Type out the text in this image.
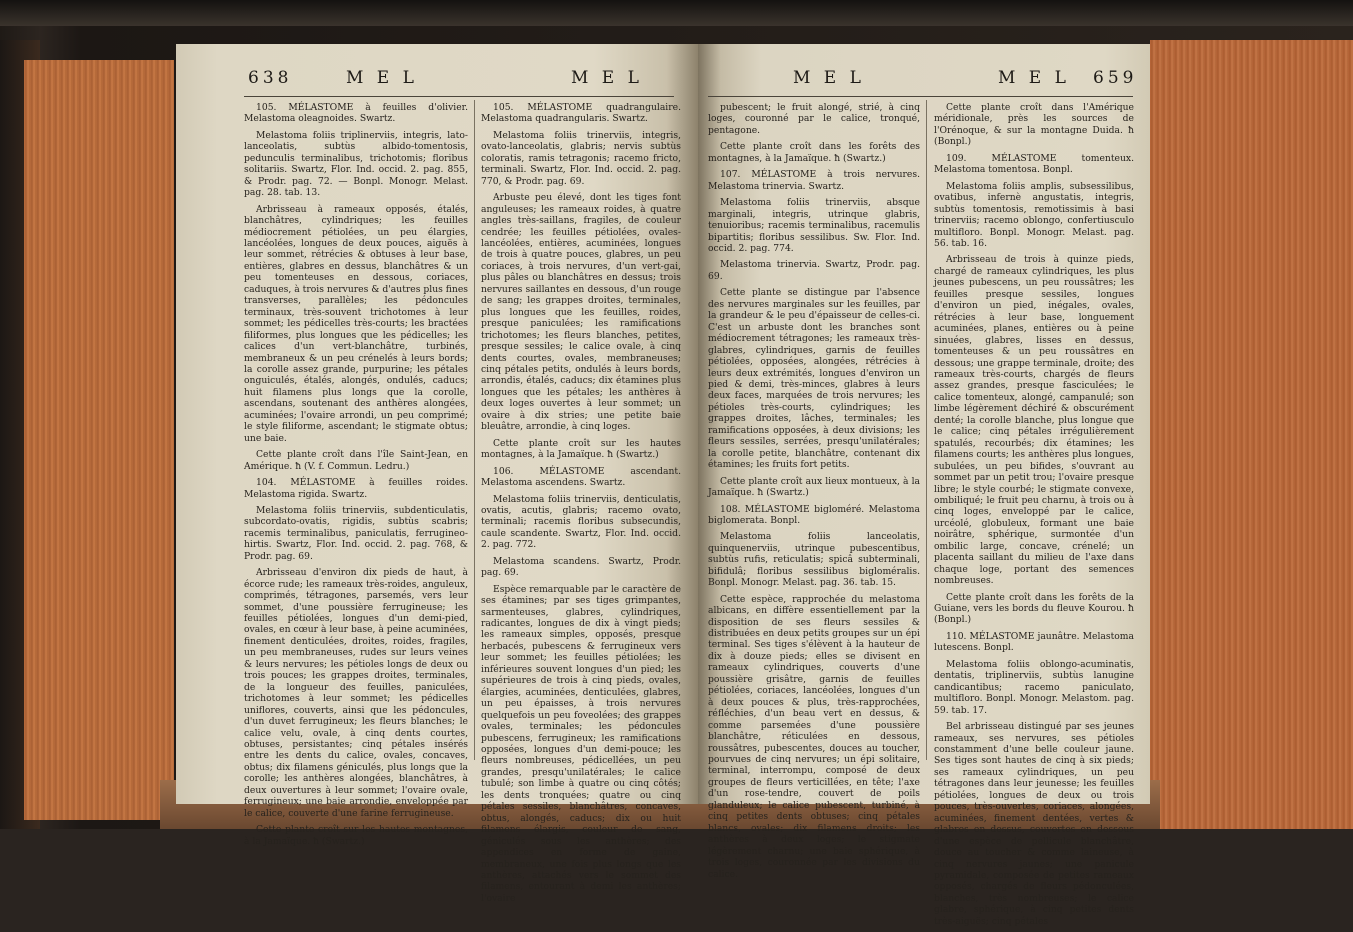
638	M E L	M E L

105. MÉLASTOME à feuilles d'olivier. Melastoma oleagnoides. Swartz.

Melastoma foliis triplinerviis, integris, lato-lanceolatis, subtùs albido-tomentosis, pedunculis terminalibus, trichotomis; floribus solitariis. Swartz, Flor. Ind. occid. 2. pag. 855, & Prodr. pag. 72. — Bonpl. Monogr. Melast. pag. 28. tab. 13.

Arbrisseau à rameaux opposés, étalés, blanchâtres, cylindriques; les feuilles médiocrement pétiolées, un peu élargies, lancéolées, longues de deux pouces, aiguës à leur sommet, rétrécies & obtuses à leur base, entières, glabres en dessus, blanchâtres & un peu tomenteuses en dessous, coriaces, caduques, à trois nervures & d'autres plus fines transverses, parallèles; les pédoncules terminaux, très-souvent trichotomes à leur sommet; les pédicelles très-courts; les bractées filiformes, plus longues que les pédicelles; les calices d'un vert-blanchâtre, turbinés, membraneux & un peu crénelés à leurs bords; la corolle assez grande, purpurine; les pétales onguiculés, étalés, alongés, ondulés, caducs; huit filamens plus longs que la corolle, ascendans, soutenant des anthères alongées, acuminées; l'ovaire arrondi, un peu comprimé; le style filiforme, ascendant; le stigmate obtus; une baie.

Cette plante croît dans l'île Saint-Jean, en Amérique. ħ (V. f. Commun. Ledru.)

104. MÉLASTOME à feuilles roides. Melastoma rigida. Swartz.

Melastoma foliis trinerviis, subdenticulatis, subcordato-ovatis, rigidis, subtùs scabris; racemis terminalibus, paniculatis, ferrugineo-hirtis. Swartz, Flor. Ind. occid. 2. pag. 768, & Prodr. pag. 69.

Arbrisseau d'environ dix pieds de haut, à écorce rude; les rameaux très-roides, anguleux, comprimés, tétragones, parsemés, vers leur sommet, d'une poussière ferrugineuse; les feuilles pétiolées, longues d'un demi-pied, ovales, en cœur à leur base, à peine acuminées, finement denticulées, droites, roides, fragiles, un peu membraneuses, rudes sur leurs veines & leurs nervures; les pétioles longs de deux ou trois pouces; les grappes droites, terminales, de la longueur des feuilles, paniculées, trichotomes à leur sommet; les pédicelles uniflores, couverts, ainsi que les pédoncules, d'un duvet ferrugineux; les fleurs blanches; le calice velu, ovale, à cinq dents courtes, obtuses, persistantes; cinq pétales insérés entre les dents du calice, ovales, concaves, obtus; dix filamens géniculés, plus longs que la corolle; les anthères alongées, blanchâtres, à deux ouvertures à leur sommet; l'ovaire ovale, ferrugineux; une baie arrondie, enveloppée par le calice, couverte d'une farine ferrugineuse.

Cette plante croît sur les hautes montagnes, à la Jamaïque. ħ (Swartz.)

105. MÉLASTOME quadrangulaire. Melastoma quadrangularis. Swartz.

Melastoma foliis trinerviis, integris, ovato-lanceolatis, glabris; nervis subtùs coloratis, ramis tetragonis; racemo fricto, terminali. Swartz, Flor. Ind. occid. 2. pag. 770, & Prodr. pag. 69.

Arbuste peu élevé, dont les tiges font anguleuses; les rameaux roides, à quatre angles très-saillans, fragiles, de couleur cendrée; les feuilles pétiolées, ovales-lancéolées, entières, acuminées, longues de trois à quatre pouces, glabres, un peu coriaces, à trois nervures, d'un vert-gai, plus pâles ou blanchâtres en dessus; trois nervures saillantes en dessous, d'un rouge de sang; les grappes droites, terminales, plus longues que les feuilles, roides, presque paniculées; les ramifications trichotomes; les fleurs blanches, petites, presque sessiles; le calice ovale, à cinq dents courtes, ovales, membraneuses; cinq pétales petits, ondulés à leurs bords, arrondis, étalés, caducs; dix étamines plus longues que les pétales; les anthères à deux loges ouvertes à leur sommet; un ovaire à dix stries; une petite baie bleuâtre, arrondie, à cinq loges.

Cette plante croît sur les hautes montagnes, à la Jamaïque. ħ (Swartz.)

106. MÉLASTOME ascendant. Melastoma ascendens. Swartz.

Melastoma foliis trinerviis, denticulatis, ovatis, acutis, glabris; racemo ovato, terminali; racemis floribus subsecundis, caule scandente. Swartz, Flor. Ind. occid. 2. pag. 772.

Melastoma scandens. Swartz, Prodr. pag. 69.

Espèce remarquable par le caractère de ses étamines; par ses tiges grimpantes, sarmenteuses, glabres, cylindriques, radicantes, longues de dix à vingt pieds; les rameaux simples, opposés, presque herbacés, pubescens & ferrugineux vers leur sommet; les feuilles pétiolées; les inférieures souvent longues d'un pied; les supérieures de trois à cinq pieds, ovales, élargies, acuminées, denticulées, glabres, un peu épaisses, à trois nervures quelquefois un peu foveolées; des grappes ovales, terminales; les pédoncules pubescens, ferrugineux; les ramifications opposées, longues d'un demi-pouce; les fleurs nombreuses, pédicellées, un peu grandes, presqu'unilatérales; le calice tubulé; son limbe à quatre ou cinq côtés; les dents tronquées; quatre ou cinq pétales sessiles, blanchâtres, concaves, obtus, alongés, caducs; dix ou huit filamens élargis, couleur de sang, géniculés sous les anthères; des appendices en forme de gaine, membraneux, une fois plus longs que les anthères, attachés vers le sommet des filamens, entourant à demi les anthères; l'ovaire

M E L	M E L 659

pubescent; le fruit alongé, strié, à cinq loges, couronné par le calice, tronqué, pentagone.

Cette plante croît dans les forêts des montagnes, à la Jamaïque. ħ (Swartz.)

107. MÉLASTOME à trois nervures. Melastoma trinervia. Swartz.

Melastoma foliis trinerviis, absque marginali, integris, utrinque glabris, tenuioribus; racemis terminalibus, racemulis bipartitis; floribus sessilibus. Sw. Flor. Ind. occid. 2. pag. 774.

Melastoma trinervia. Swartz, Prodr. pag. 69.

Cette plante se distingue par l'absence des nervures marginales sur les feuilles, par la grandeur & le peu d'épaisseur de celles-ci. C'est un arbuste dont les branches sont médiocrement tétragones; les rameaux très-glabres, cylindriques, garnis de feuilles pétiolées, opposées, alongées, rétrécies à leurs deux extrémités, longues d'environ un pied & demi, très-minces, glabres à leurs deux faces, marquées de trois nervures; les pétioles très-courts, cylindriques; les grappes droites, lâches, terminales; les ramifications opposées, à deux divisions; les fleurs sessiles, serrées, presqu'unilatérales; la corolle petite, blanchâtre, contenant dix étamines; les fruits fort petits.

Cette plante croît aux lieux montueux, à la Jamaïque. ħ (Swartz.)

108. MÉLASTOME bigloméré. Melastoma biglomerata. Bonpl.

Melastoma foliis lanceolatis, quinquenerviis, utrinque pubescentibus, subtùs rufis, reticulatis; spicâ subterminali, bifidulâ; floribus sessilibus bigloméralis. Bonpl. Monogr. Melast. pag. 36. tab. 15.

Cette espèce, rapprochée du melastoma albicans, en diffère essentiellement par la disposition de ses fleurs sessiles & distribuées en deux petits groupes sur un épi terminal. Ses tiges s'élèvent à la hauteur de dix à douze pieds; elles se divisent en rameaux cylindriques, couverts d'une poussière grisâtre, garnis de feuilles pétiolées, coriaces, lancéolées, longues d'un à deux pouces & plus, très-rapprochées, réfléchies, d'un beau vert en dessus, & comme parsemées d'une poussière blanchâtre, réticulées en dessous, roussâtres, pubescentes, douces au toucher, pourvues de cinq nervures; un épi solitaire, terminal, interrompu, composé de deux groupes de fleurs verticillées, en tête; l'axe d'un rose-tendre, couvert de poils glanduleux; le calice pubescent, turbiné, à cinq petites dents obtuses; cinq pétales blancs, ovales; dix filamens droits; les anthères à deux loges; le stigmate légèrement charnu; une baie sphérique, à trois loges, couronnée par les divisions du calice.

Cette plante croît dans l'Amérique méridionale, près les sources de l'Orénoque, & sur la montagne Duida. ħ (Bonpl.)

109. MÉLASTOME tomenteux. Melastoma tomentosa. Bonpl.

Melastoma foliis amplis, subsessilibus, ovatibus, infernè angustatis, integris, subtùs tomentosis, remotissimis à basi trinerviis; racemo oblongo, confertiusculo multifloro. Bonpl. Monogr. Melast. pag. 56. tab. 16.

Arbrisseau de trois à quinze pieds, chargé de rameaux cylindriques, les plus jeunes pubescens, un peu roussâtres; les feuilles presque sessiles, longues d'environ un pied, inégales, ovales, rétrécies à leur base, longuement acuminées, planes, entières ou à peine sinuées, glabres, lisses en dessus, tomenteuses & un peu roussâtres en dessous; une grappe terminale, droite; des rameaux très-courts, chargés de fleurs assez grandes, presque fasciculées; le calice tomenteux, alongé, campanulé; son limbe légèrement déchiré & obscurément denté; la corolle blanche, plus longue que le calice; cinq pétales irrégulièrement spatulés, recourbés; dix étamines; les filamens courts; les anthères plus longues, subulées, un peu bifides, s'ouvrant au sommet par un petit trou; l'ovaire presque libre; le style courbé; le stigmate convexe, ombiliqué; le fruit peu charnu, à trois ou à cinq loges, enveloppé par le calice, urcéolé, globuleux, formant une baie noirâtre, sphérique, surmontée d'un ombilic large, concave, crénelé; un placenta saillant du milieu de l'axe dans chaque loge, portant des semences nombreuses.

Cette plante croît dans les forêts de la Guiane, vers les bords du fleuve Kourou. ħ (Bonpl.)

110. MÉLASTOME jaunâtre. Melastoma lutescens. Bonpl.

Melastoma foliis oblongo-acuminatis, dentatis, triplinerviis, subtùs lanugine candicantibus; racemo paniculato, multifloro. Bonpl. Monogr. Melastom. pag. 59. tab. 17.

Bel arbrisseau distingué par ses jeunes rameaux, ses nervures, ses pétioles constamment d'une belle couleur jaune. Ses tiges sont hautes de cinq à six pieds; ses rameaux cylindriques, un peu tétragones dans leur jeunesse; les feuilles pétiolées, longues de deux ou trois pouces, très-ouvertes, coriaces, alongées, acuminées, finement dentées, vertes & glabres en dessus, couvertes en dessous d'une espèce de pellicule blanchâtre, douce au toucher & comme laineuse, à cinq nervures jaunes; une panicule pyramidale, composée de petites rameaux opposés, chargés de fleurs pédonculées, blanches, très nombreuses; le calice glabre, sphérique, à cinq petites dents très-aiguës; cinq pétales
